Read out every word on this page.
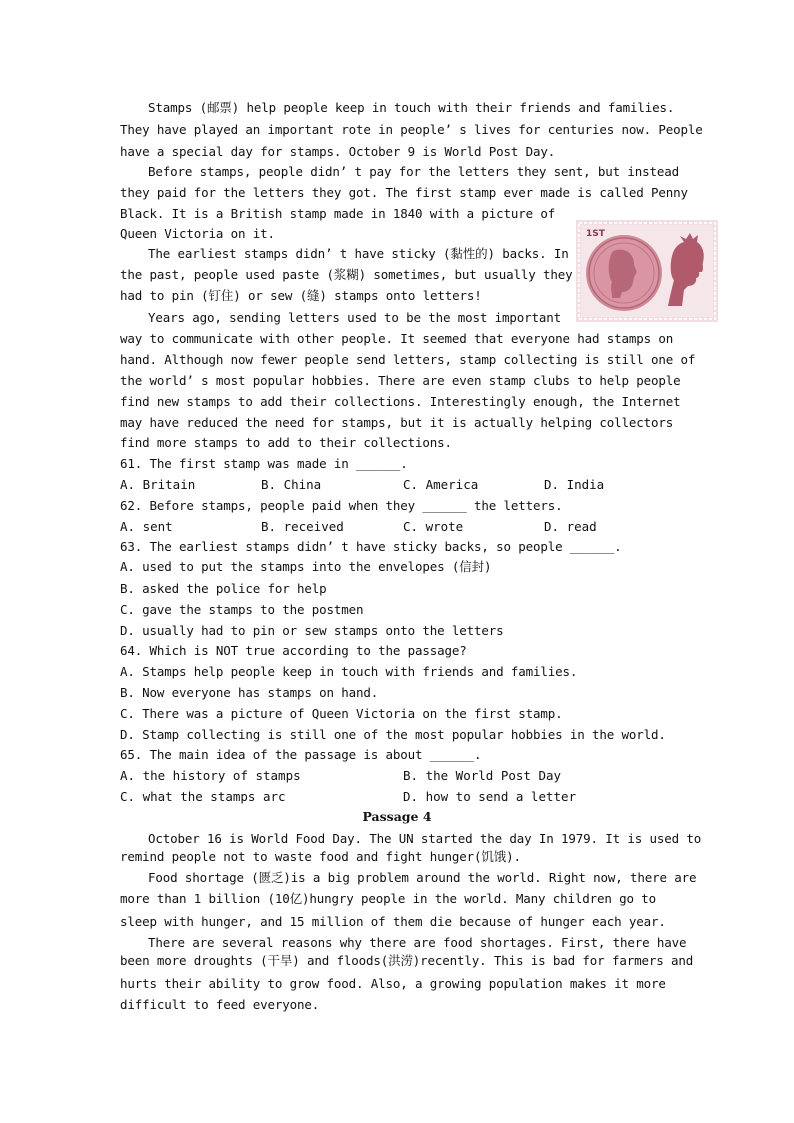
Stamps (邮票) help people keep in touch with their friends and families.
They have played an important rote in people’ s lives for centuries now. People
have a special day for stamps. October 9 is World Post Day.
Before stamps, people didn’ t pay for the letters they sent, but instead
they paid for the letters they got. The first stamp ever made is called Penny
Black. It is a British stamp made in 1840 with a picture of
Queen Victoria on it.
The earliest stamps didn’ t have sticky (黏性的) backs. In
the past, people used paste (浆糊) sometimes, but usually they
had to pin (钉住) or sew (缝) stamps onto letters!
Years ago, sending letters used to be the most important
way to communicate with other people. It seemed that everyone had stamps on
hand. Although now fewer people send letters, stamp collecting is still one of
the world’ s most popular hobbies. There are even stamp clubs to help people
find new stamps to add their collections. Interestingly enough, the Internet
may have reduced the need for stamps, but it is actually helping collectors
find more stamps to add to their collections.
1ST
61. The first stamp was made in ______.
A. Britain	B. China	C. America	D. India
62. Before stamps, people paid when they ______ the letters.
A. sent	B. received	C. wrote	D. read
63. The earliest stamps didn’ t have sticky backs, so people ______.
A. used to put the stamps into the envelopes (信封)
B. asked the police for help
C. gave the stamps to the postmen
D. usually had to pin or sew stamps onto the letters
64. Which is NOT true according to the passage?
A. Stamps help people keep in touch with friends and families.
B. Now everyone has stamps on hand.
C. There was a picture of Queen Victoria on the first stamp.
D. Stamp collecting is still one of the most popular hobbies in the world.
65. The main idea of the passage is about ______.
A. the history of stamps	B. the World Post Day
C. what the stamps arc	D. how to send a letter
Passage 4
October 16 is World Food Day. The UN started the day In 1979. It is used to
remind people not to waste food and fight hunger(饥饿).
Food shortage (匮乏)is a big problem around the world. Right now, there are
more than 1 billion (10亿)hungry people in the world. Many children go to
sleep with hunger, and 15 million of them die because of hunger each year.
There are several reasons why there are food shortages. First, there have
been more droughts (干旱) and floods(洪涝)recently. This is bad for farmers and
hurts their ability to grow food. Also, a growing population makes it more
difficult to feed everyone.
